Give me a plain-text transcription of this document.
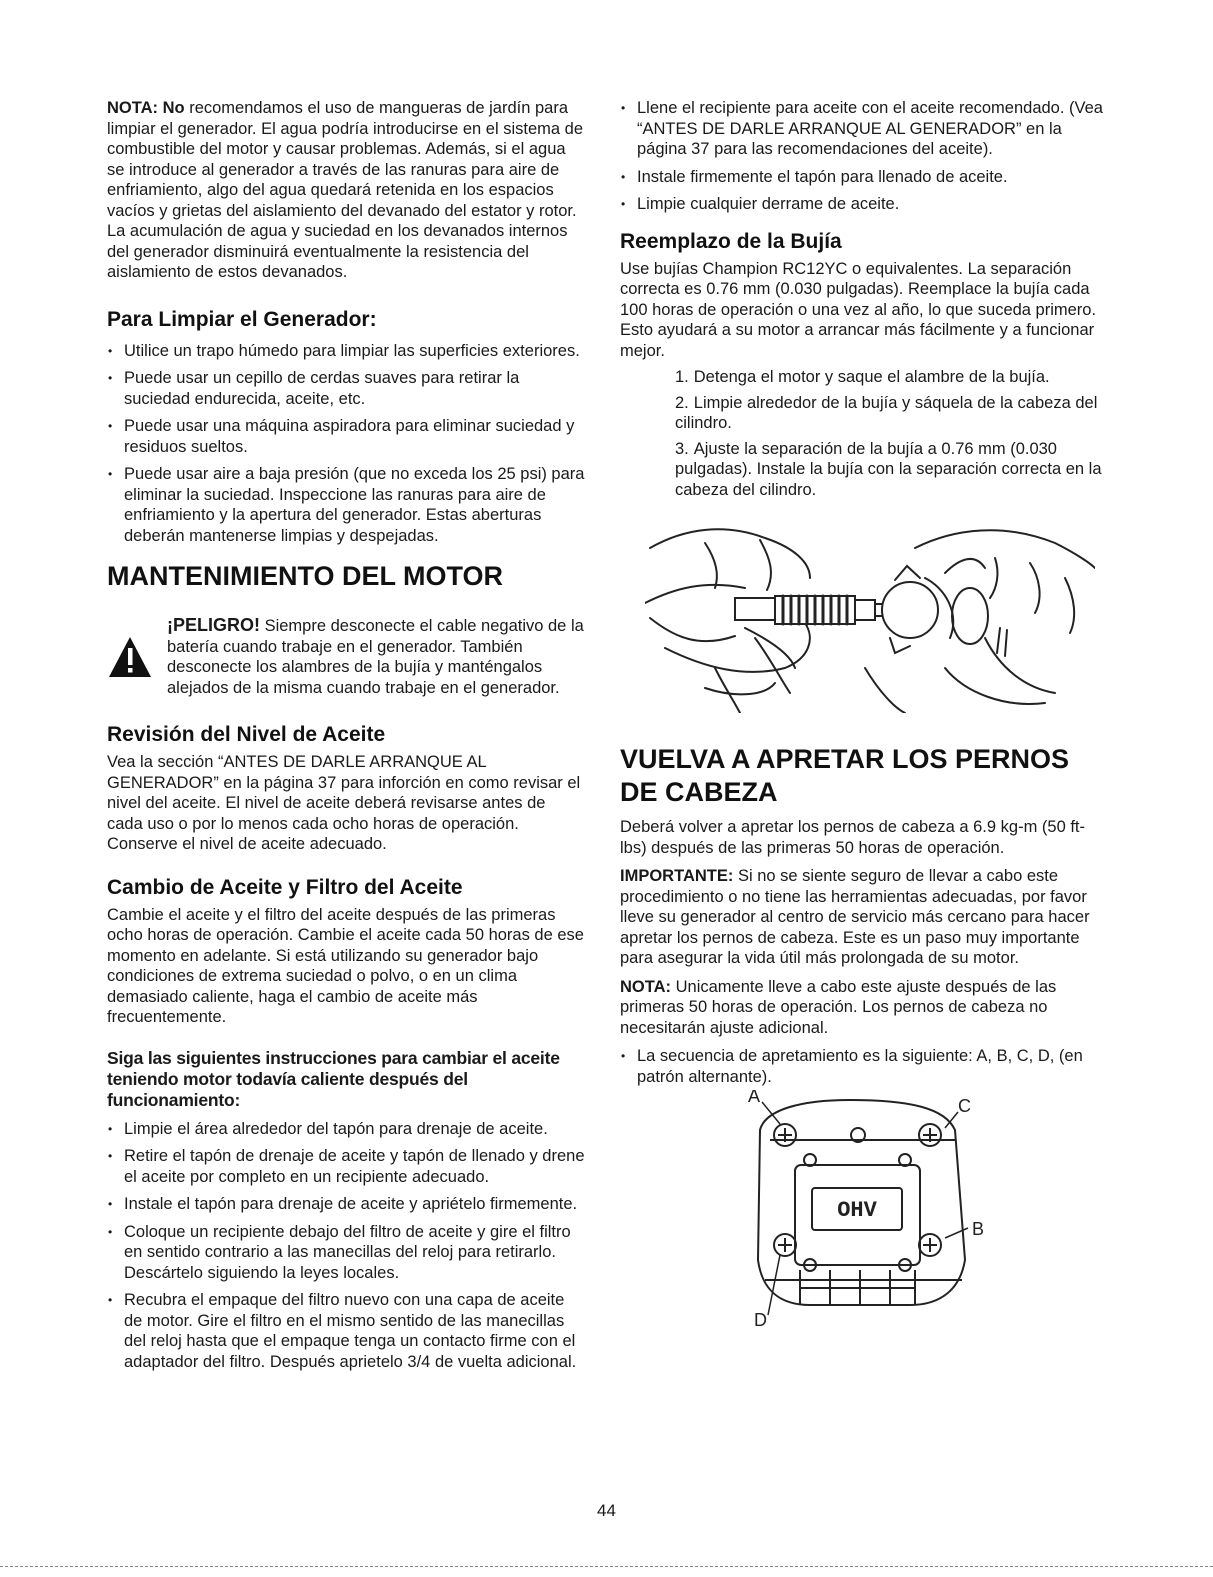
NOTA: No recomendamos el uso de mangueras de jardín para limpiar el generador. El agua podría introducirse en el sistema de combustible del motor y causar problemas. Además, si el agua se introduce al generador a través de las ranuras para aire de enfriamiento, algo del agua quedará retenida en los espacios vacíos y grietas del aislamiento del devanado del estator y rotor. La acumulación de agua y suciedad en los devanados internos del generador disminuirá eventualmente la resistencia del aislamiento de estos devanados.

Para Limpiar el Generador:
• Utilice un trapo húmedo para limpiar las superficies exteriores.
• Puede usar un cepillo de cerdas suaves para retirar la suciedad endurecida, aceite, etc.
• Puede usar una máquina aspiradora para eliminar suciedad y residuos sueltos.
• Puede usar aire a baja presión (que no exceda los 25 psi) para eliminar la suciedad. Inspeccione las ranuras para aire de enfriamiento y la apertura del generador. Estas aberturas deberán mantenerse limpias y despejadas.
MANTENIMIENTO DEL MOTOR

¡PELIGRO! Siempre desconecte el cable negativo de la batería cuando trabaje en el generador. También desconecte los alambres de la bujía y manténgalos alejados de la misma cuando trabaje en el generador.

Revisión del Nivel de Aceite

Vea la sección “ANTES DE DARLE ARRANQUE AL GENERADOR” en la página 37 para inforción en como revisar el nivel del aceite. El nivel de aceite deberá revisarse antes de cada uso o por lo menos cada ocho horas de operación. Conserve el nivel de aceite adecuado.

Cambio de Aceite y Filtro del Aceite

Cambie el aceite y el filtro del aceite después de las primeras ocho horas de operación. Cambie el aceite cada 50 horas de ese momento en adelante. Si está utilizando su generador bajo condiciones de extrema suciedad o polvo, o en un clima demasiado caliente, haga el cambio de aceite más frecuentemente.

Siga las siguientes instrucciones para cambiar el aceite teniendo motor todavía caliente después del funcionamiento:

• Limpie el área alrededor del tapón para drenaje de aceite.
• Retire el tapón de drenaje de aceite y tapón de llenado y drene el aceite por completo en un recipiente adecuado.
• Instale el tapón para drenaje de aceite y apriételo firmemente.
• Coloque un recipiente debajo del filtro de aceite y gire el filtro en sentido contrario a las manecillas del reloj para retirarlo. Descártelo siguiendo la leyes locales.
• Recubra el empaque del filtro nuevo con una capa de aceite de motor. Gire el filtro en el mismo sentido de las manecillas del reloj hasta que el empaque tenga un contacto firme con el adaptador del filtro. Después aprietelo 3/4 de vuelta adicional.
• Llene el recipiente para aceite con el aceite recomendado. (Vea “ANTES DE DARLE ARRANQUE AL GENERADOR” en la página 37 para las recomendaciones del aceite).
• Instale firmemente el tapón para llenado de aceite.
• Limpie cualquier derrame de aceite.
Reemplazo de la Bujía

Use bujías Champion RC12YC o equivalentes. La separación correcta es 0.76 mm (0.030 pulgadas). Reemplace la bujía cada 100 horas de operación o una vez al año, lo que suceda primero. Esto ayudará a su motor a arrancar más fácilmente y a funcionar mejor.

1. Detenga el motor y saque el alambre de la bujía.
2. Limpie alrededor de la bujía y sáquela de la cabeza del cilindro.
3. Ajuste la separación de la bujía a 0.76 mm (0.030 pulgadas). Instale la bujía con la separación correcta en la cabeza del cilindro.
VUELVA A APRETAR LOS PERNOS DE CABEZA

Deberá volver a apretar los pernos de cabeza a 6.9 kg-m (50 ft-lbs) después de las primeras 50 horas de operación.

IMPORTANTE: Si no se siente seguro de llevar a cabo este procedimiento o no tiene las herramientas adecuadas, por favor lleve su generador al centro de servicio más cercano para hacer apretar los pernos de cabeza. Este es un paso muy importante para asegurar la vida útil más prolongada de su motor.

NOTA: Unicamente lleve a cabo este ajuste después de las primeras 50 horas de operación. Los pernos de cabeza no necesitarán ajuste adicional.

• La secuencia de apretamiento es la siguiente: A, B, C, D, (en patrón alternante).
OHV
A	C
B
D
44
